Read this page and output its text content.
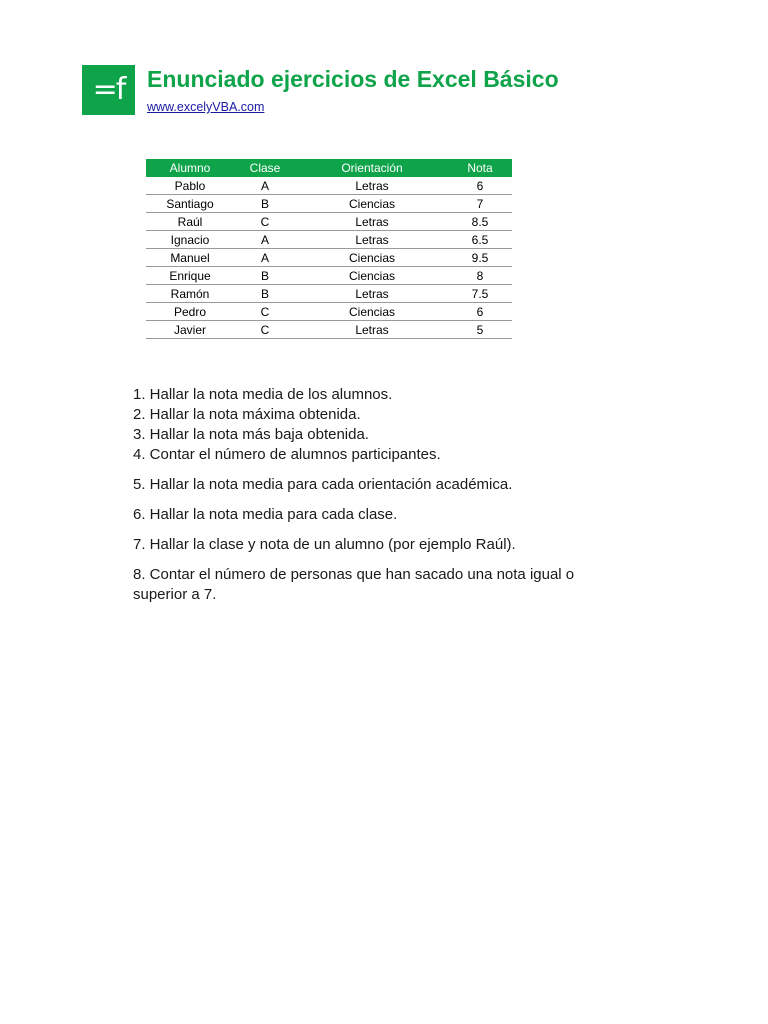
=f Enunciado ejercicios de Excel Básico
www.excelyVBA.com
Alumno	Clase	Orientación	Nota
Pablo	A	Letras	6
Santiago	B	Ciencias	7
Raúl	C	Letras	8.5
Ignacio	A	Letras	6.5
Manuel	A	Ciencias	9.5
Enrique	B	Ciencias	8
Ramón	B	Letras	7.5
Pedro	C	Ciencias	6
Javier	C	Letras	5
1. Hallar la nota media de los alumnos.
2. Hallar la nota máxima obtenida.
3. Hallar la nota más baja obtenida.
4. Contar el número de alumnos participantes.
5. Hallar la nota media para cada orientación académica.
6. Hallar la nota media para cada clase.
7. Hallar la clase y nota de un alumno (por ejemplo Raúl).
8. Contar el número de personas que han sacado una nota igual o superior a 7.
